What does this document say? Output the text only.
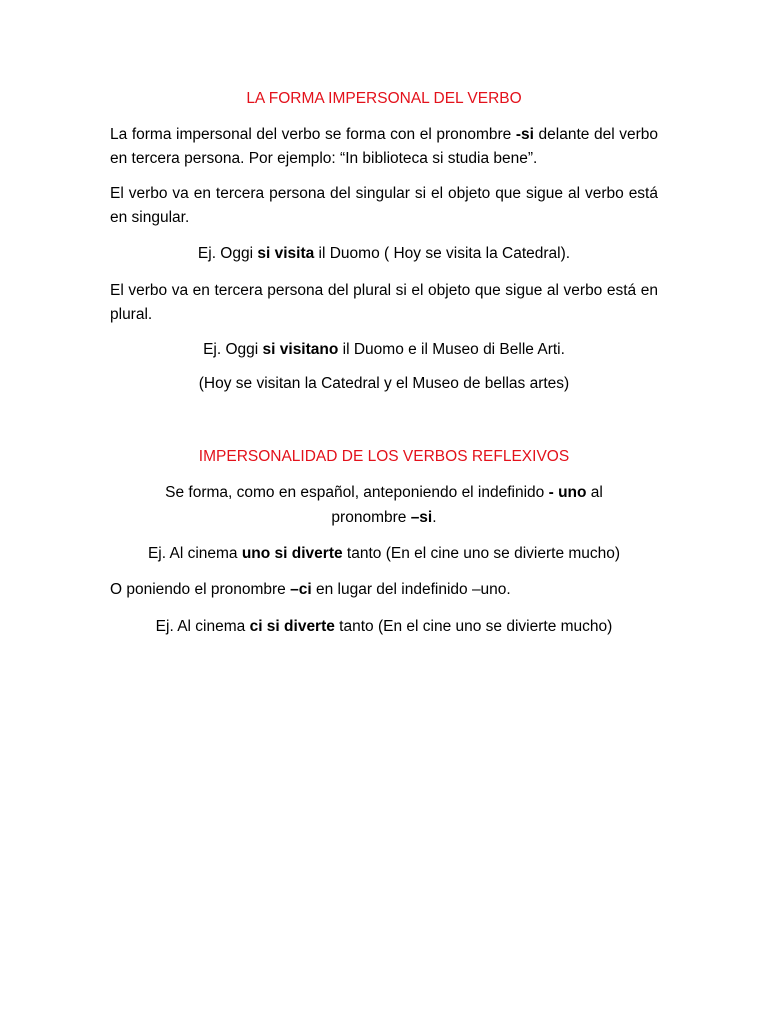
LA FORMA IMPERSONAL DEL VERBO

La forma impersonal del verbo se forma con el pronombre -si delante del verbo en tercera persona. Por ejemplo: “In biblioteca si studia bene”.

El verbo va en tercera persona del singular si el objeto que sigue al verbo está en singular.

Ej. Oggi si visita il Duomo ( Hoy se visita la Catedral).

El verbo va en tercera persona del plural si el objeto que sigue al verbo está en plural.

Ej. Oggi si visitano il Duomo e il Museo di Belle Arti.

(Hoy se visitan la Catedral y el Museo de bellas artes)

IMPERSONALIDAD DE LOS VERBOS REFLEXIVOS

Se forma, como en español, anteponiendo el indefinido - uno al

pronombre –si.

Ej. Al cinema uno si diverte tanto (En el cine uno se divierte mucho)

O poniendo el pronombre –ci en lugar del indefinido –uno.

Ej. Al cinema ci si diverte tanto (En el cine uno se divierte mucho)
